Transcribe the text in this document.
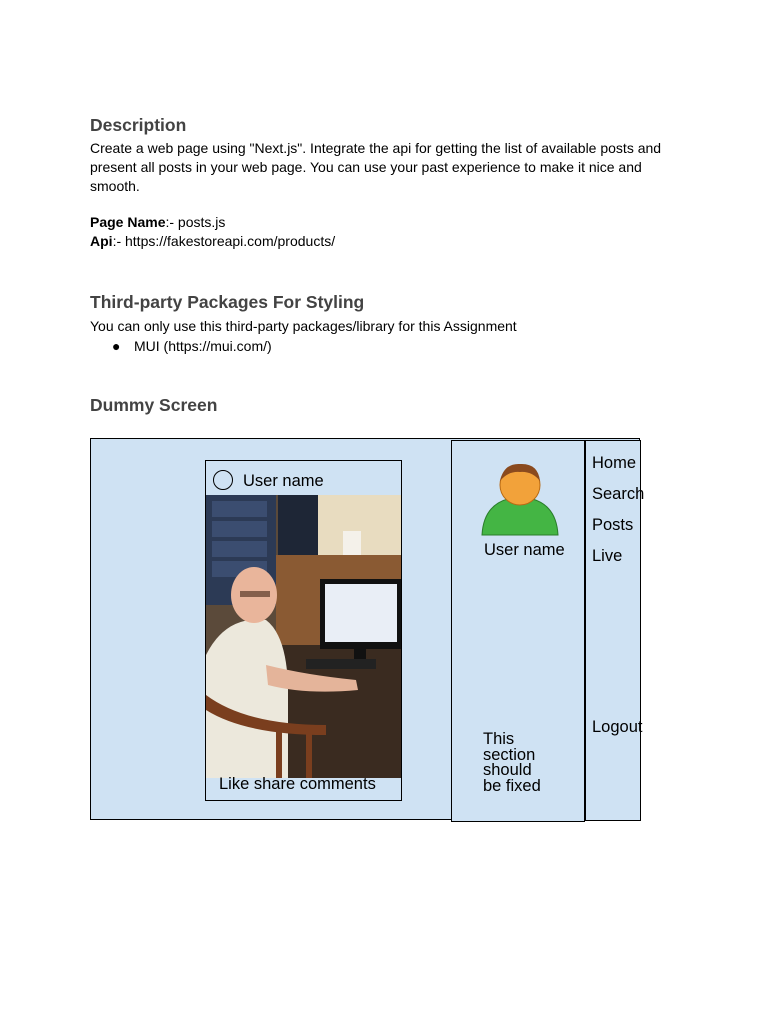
Description

Create a web page using "Next.js". Integrate the api for getting the list of available posts and
present all posts in your web page. You can use your past experience to make it nice and
smooth.

Page Name:- posts.js

Api:- https://fakestoreapi.com/products/

Third-party Packages For Styling

You can only use this third-party packages/library for this Assignment

● MUI (https://mui.com/)
Dummy Screen
User name
Like share comments
User name
This
section
should
be fixed
Home
Search
Posts
Live
Logout
